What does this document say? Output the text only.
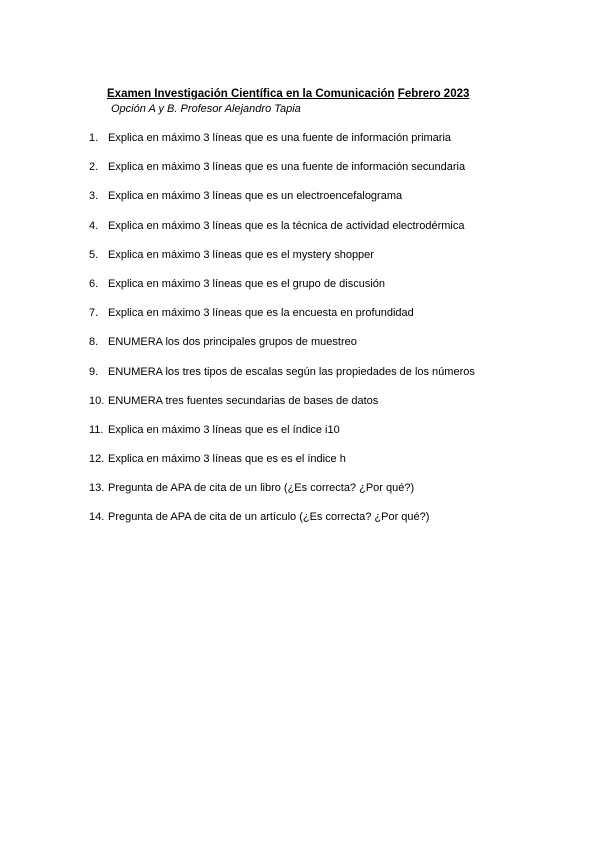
Examen Investigación Científica en la Comunicación Febrero 2023
Opción A y B. Profesor Alejandro Tapia
1. Explica en máximo 3 líneas que es una fuente de información primaria
2. Explica en máximo 3 líneas que es una fuente de información secundaria
3. Explica en máximo 3 líneas que es un electroencefalograma
4. Explica en máximo 3 líneas que es la técnica de actividad electrodérmica
5. Explica en máximo 3 líneas que es el mystery shopper
6. Explica en máximo 3 líneas que es el grupo de discusión
7. Explica en máximo 3 líneas que es la encuesta en profundidad
8. ENUMERA los dos principales grupos de muestreo
9. ENUMERA los tres tipos de escalas según las propiedades de los números
10. ENUMERA tres fuentes secundarias de bases de datos
11. Explica en máximo 3 líneas que es el índice i10
12. Explica en máximo 3 líneas que es es el índice h
13. Pregunta de APA de cita de un libro (¿Es correcta? ¿Por qué?)
14. Pregunta de APA de cita de un artículo (¿Es correcta? ¿Por qué?)
